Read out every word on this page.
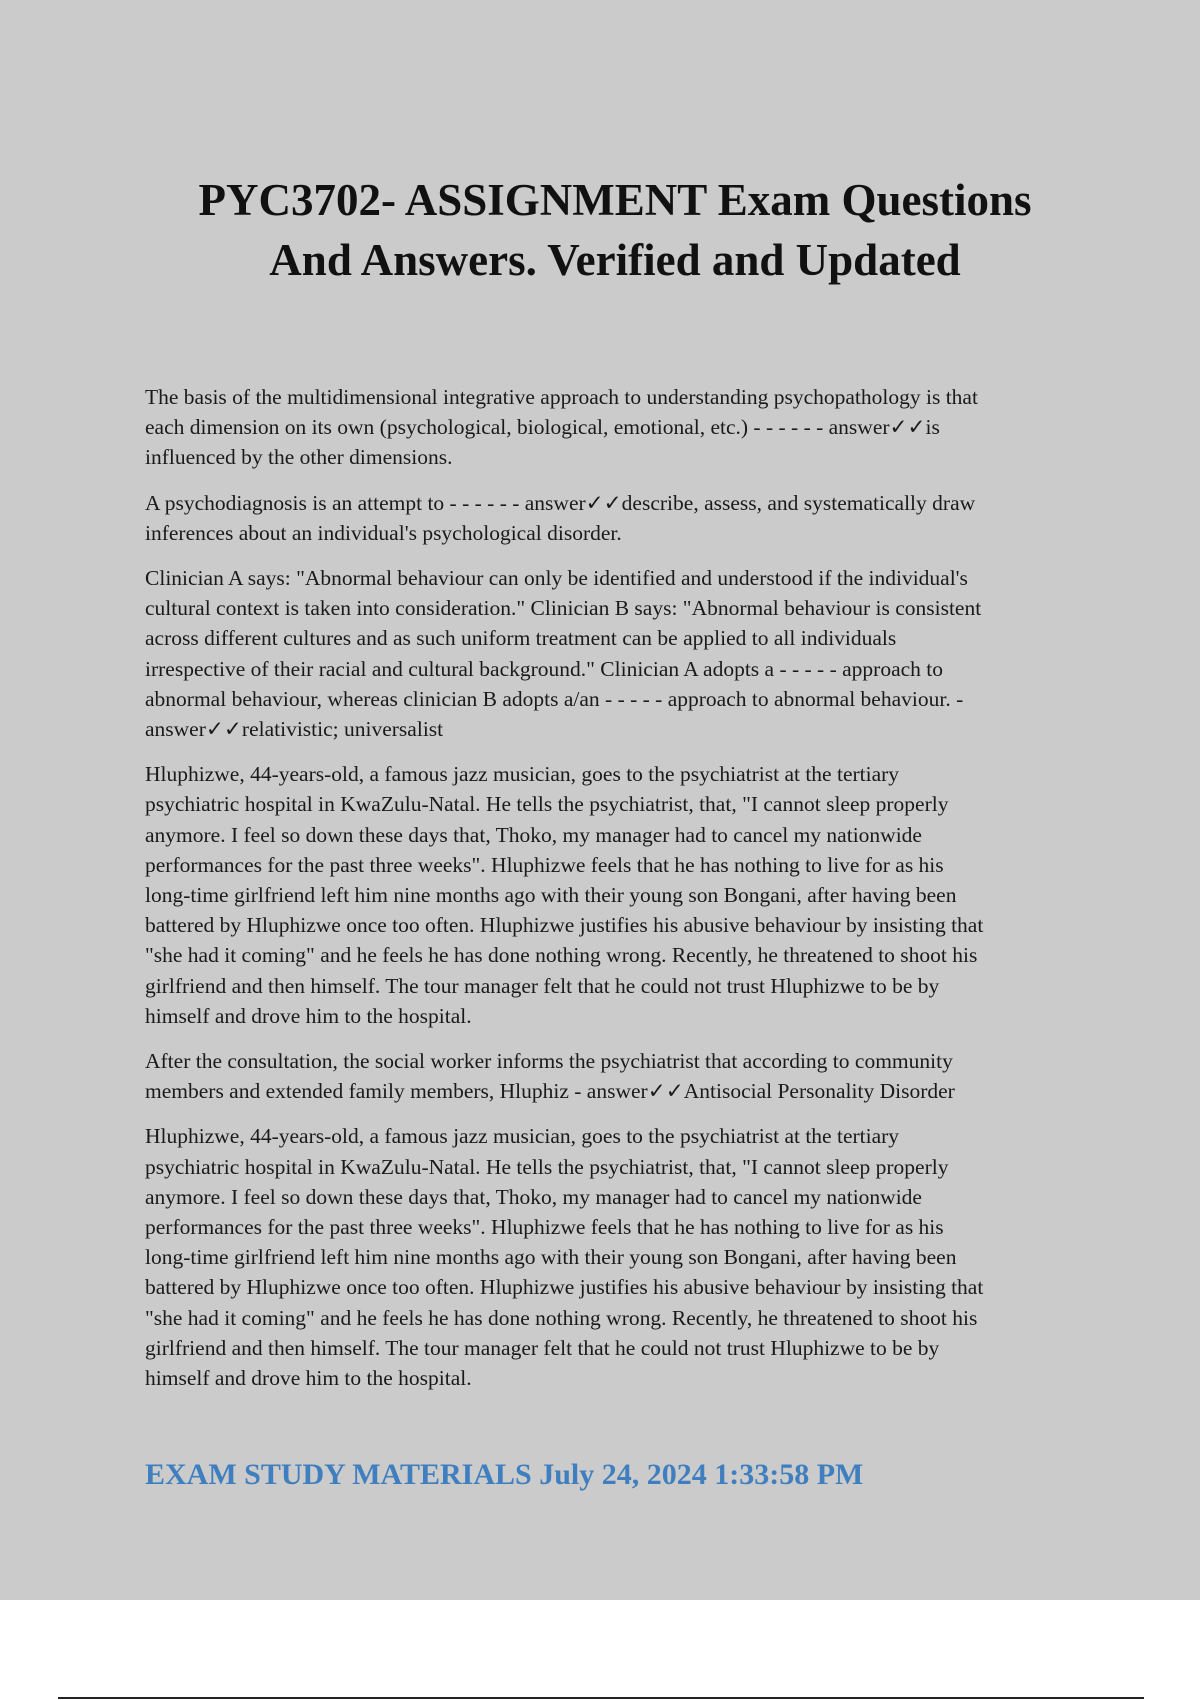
PYC3702- ASSIGNMENT Exam Questions
And Answers. Verified and Updated

The basis of the multidimensional integrative approach to understanding psychopathology is that
each dimension on its own (psychological, biological, emotional, etc.) - - - - - - answer✓✓is
influenced by the other dimensions.

A psychodiagnosis is an attempt to - - - - - - answer✓✓describe, assess, and systematically draw
inferences about an individual's psychological disorder.

Clinician A says: "Abnormal behaviour can only be identified and understood if the individual's
cultural context is taken into consideration." Clinician B says: "Abnormal behaviour is consistent
across different cultures and as such uniform treatment can be applied to all individuals
irrespective of their racial and cultural background." Clinician A adopts a - - - - - approach to
abnormal behaviour, whereas clinician B adopts a/an - - - - - approach to abnormal behaviour. -
answer✓✓relativistic; universalist

Hluphizwe, 44-years-old, a famous jazz musician, goes to the psychiatrist at the tertiary
psychiatric hospital in KwaZulu-Natal. He tells the psychiatrist, that, "I cannot sleep properly
anymore. I feel so down these days that, Thoko, my manager had to cancel my nationwide
performances for the past three weeks". Hluphizwe feels that he has nothing to live for as his
long-time girlfriend left him nine months ago with their young son Bongani, after having been
battered by Hluphizwe once too often. Hluphizwe justifies his abusive behaviour by insisting that
"she had it coming" and he feels he has done nothing wrong. Recently, he threatened to shoot his
girlfriend and then himself. The tour manager felt that he could not trust Hluphizwe to be by
himself and drove him to the hospital.

After the consultation, the social worker informs the psychiatrist that according to community
members and extended family members, Hluphiz - answer✓✓Antisocial Personality Disorder

Hluphizwe, 44-years-old, a famous jazz musician, goes to the psychiatrist at the tertiary
psychiatric hospital in KwaZulu-Natal. He tells the psychiatrist, that, "I cannot sleep properly
anymore. I feel so down these days that, Thoko, my manager had to cancel my nationwide
performances for the past three weeks". Hluphizwe feels that he has nothing to live for as his
long-time girlfriend left him nine months ago with their young son Bongani, after having been
battered by Hluphizwe once too often. Hluphizwe justifies his abusive behaviour by insisting that
"she had it coming" and he feels he has done nothing wrong. Recently, he threatened to shoot his
girlfriend and then himself. The tour manager felt that he could not trust Hluphizwe to be by
himself and drove him to the hospital.

EXAM STUDY MATERIALS July 24, 2024 1:33:58 PM
